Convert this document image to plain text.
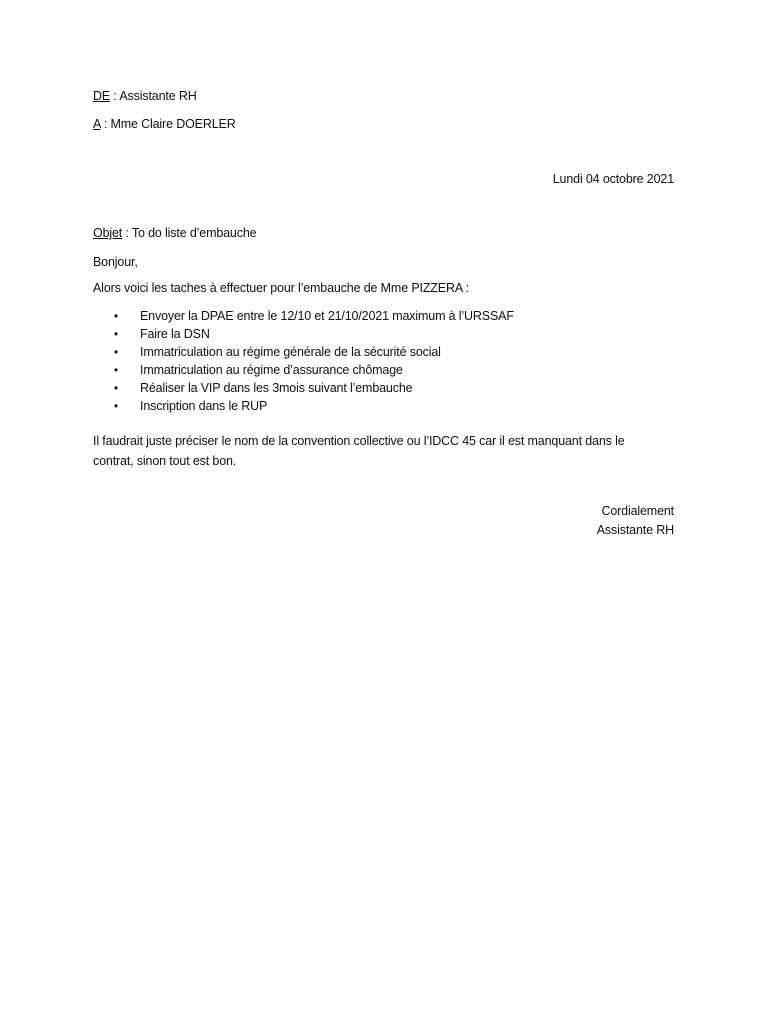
DE : Assistante RH
A : Mme Claire DOERLER
Lundi 04 octobre 2021
Objet : To do liste d’embauche
Bonjour,
Alors voici les taches à effectuer pour l’embauche de Mme PIZZERA :
• Envoyer la DPAE entre le 12/10 et 21/10/2021 maximum à l’URSSAF
• Faire la DSN
• Immatriculation au régime générale de la sécurité social
• Immatriculation au régime d’assurance chômage
• Réaliser la VIP dans les 3mois suivant l’embauche
• Inscription dans le RUP
Il faudrait juste préciser le nom de la convention collective ou l’IDCC 45 car il est manquant dans le
contrat, sinon tout est bon.
Cordialement
Assistante RH
